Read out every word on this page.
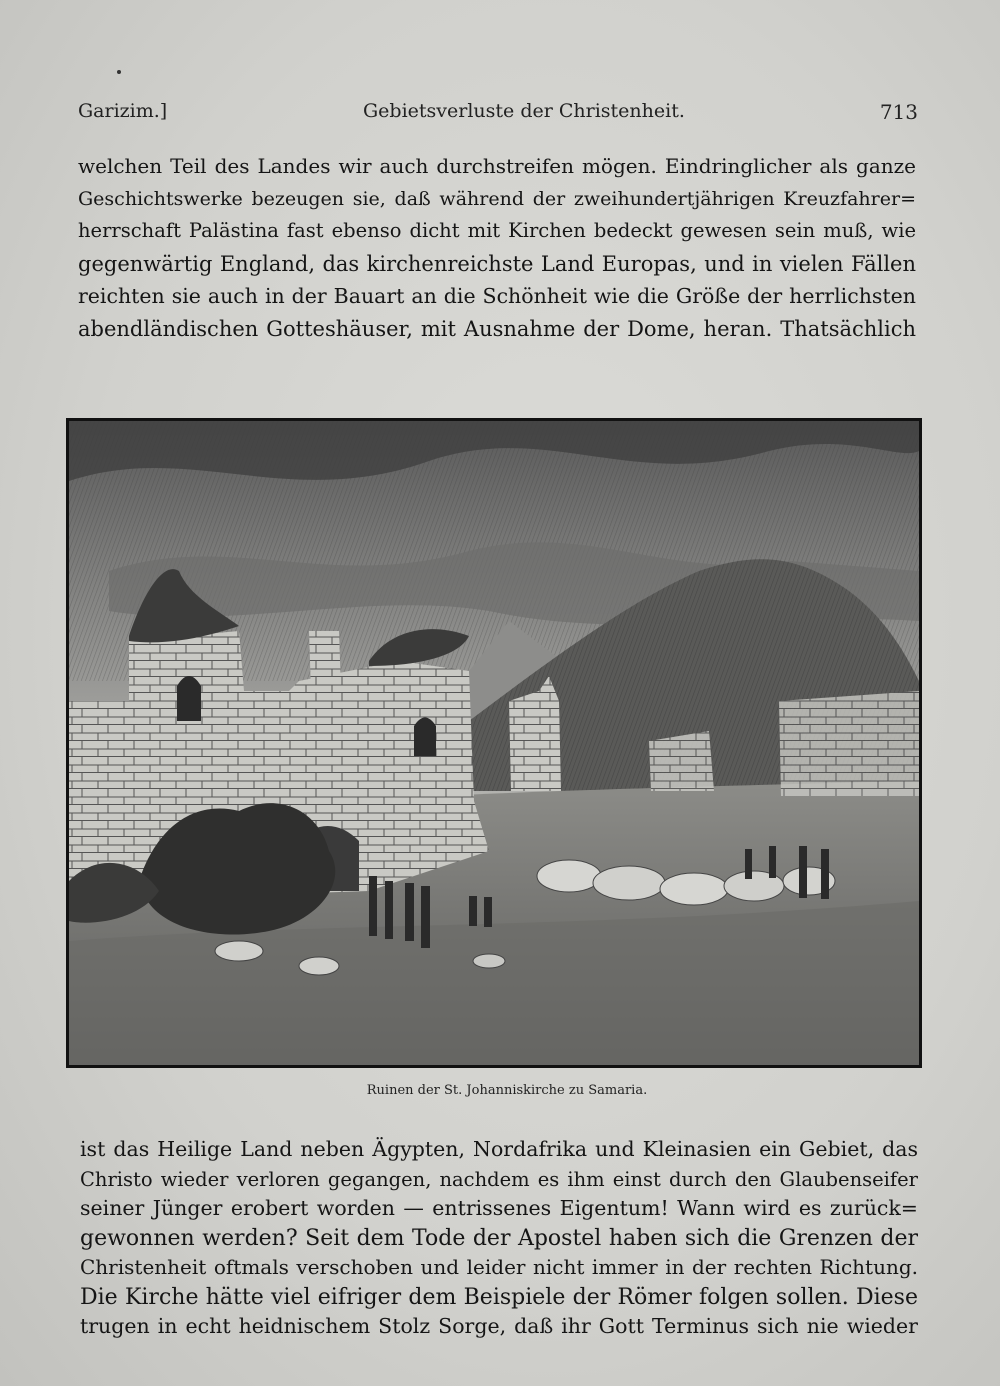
Garizim.]	Gebietsverluste der Christenheit.	713
welchen Teil des Landes wir auch durchstreifen mögen. Eindringlicher als ganze
Geschichtswerke bezeugen sie, daß während der zweihundertjährigen Kreuzfahrer=
herrschaft Palästina fast ebenso dicht mit Kirchen bedeckt gewesen sein muß, wie
gegenwärtig England, das kirchenreichste Land Europas, und in vielen Fällen
reichten sie auch in der Bauart an die Schönheit wie die Größe der herrlichsten
abendländischen Gotteshäuser, mit Ausnahme der Dome, heran. Thatsächlich
Ruinen der St. Johanniskirche zu Samaria.
ist das Heilige Land neben Ägypten, Nordafrika und Kleinasien ein Gebiet, das
Christo wieder verloren gegangen, nachdem es ihm einst durch den Glaubenseifer
seiner Jünger erobert worden — entrissenes Eigentum! Wann wird es zurück=
gewonnen werden? Seit dem Tode der Apostel haben sich die Grenzen der
Christenheit oftmals verschoben und leider nicht immer in der rechten Richtung.
Die Kirche hätte viel eifriger dem Beispiele der Römer folgen sollen. Diese
trugen in echt heidnischem Stolz Sorge, daß ihr Gott Terminus sich nie wieder
